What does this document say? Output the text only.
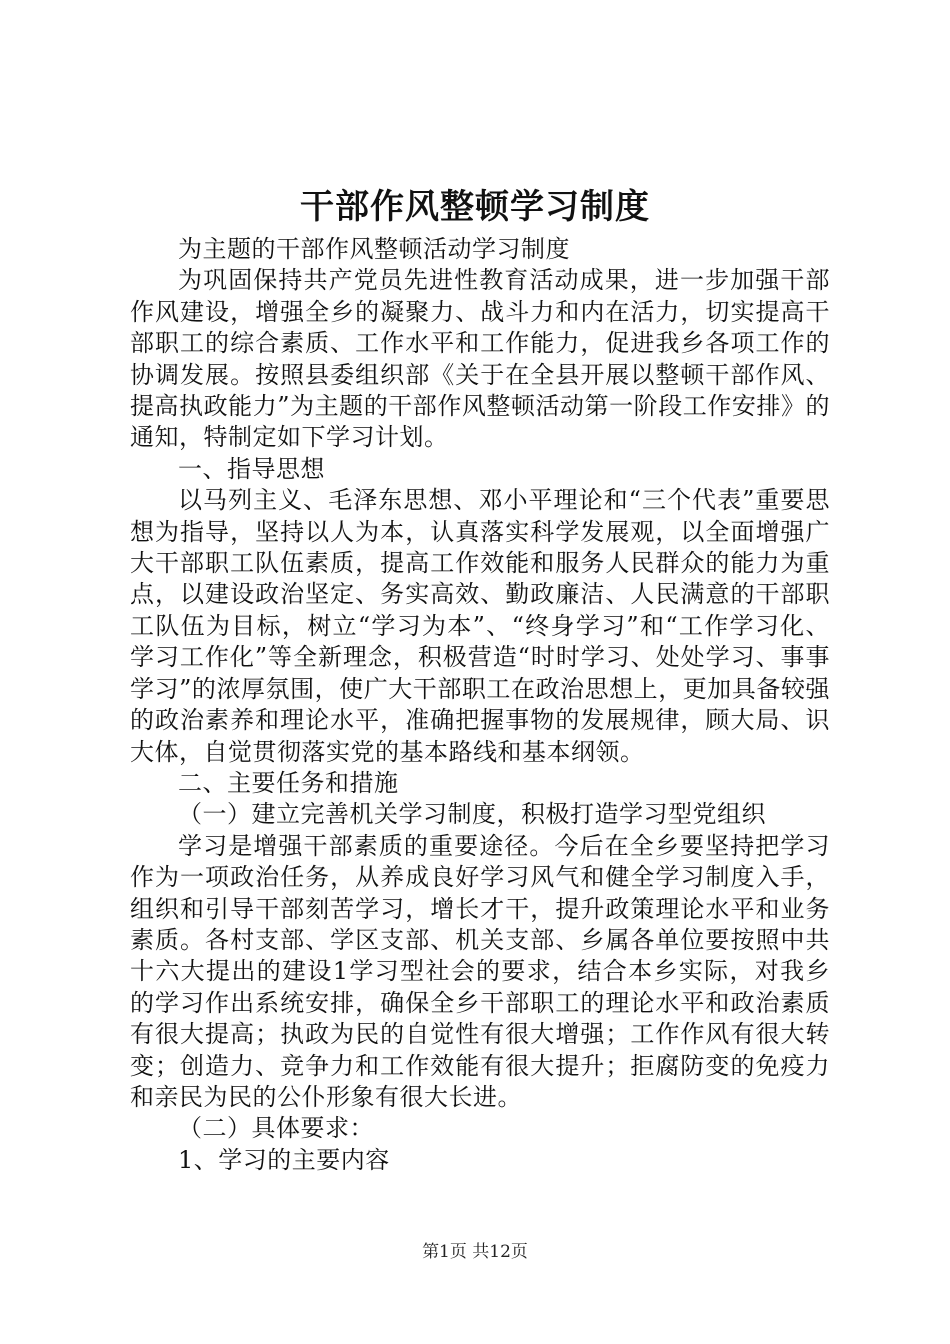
干部作风整顿学习制度

为主题的干部作风整顿活动学习制度

为巩固保持共产党员先进性教育活动成果，进一步加强干部作风建设，增强全乡的凝聚力、战斗力和内在活力，切实提高干部职工的综合素质、工作水平和工作能力，促进我乡各项工作的协调发展。按照县委组织部《关于在全县开展以整顿干部作风、提高执政能力”为主题的干部作风整顿活动第一阶段工作安排》的通知，特制定如下学习计划。

一、指导思想

以马列主义、毛泽东思想、邓小平理论和“三个代表”重要思想为指导，坚持以人为本，认真落实科学发展观，以全面增强广大干部职工队伍素质，提高工作效能和服务人民群众的能力为重点，以建设政治坚定、务实高效、勤政廉洁、人民满意的干部职工队伍为目标，树立“学习为本”、“终身学习”和“工作学习化、学习工作化”等全新理念，积极营造“时时学习、处处学习、事事学习”的浓厚氛围，使广大干部职工在政治思想上，更加具备较强的政治素养和理论水平，准确把握事物的发展规律，顾大局、识大体，自觉贯彻落实党的基本路线和基本纲领。

二、主要任务和措施

（一）建立完善机关学习制度，积极打造学习型党组织

学习是增强干部素质的重要途径。今后在全乡要坚持把学习作为一项政治任务，从养成良好学习风气和健全学习制度入手，组织和引导干部刻苦学习，增长才干，提升政策理论水平和业务素质。各村支部、学区支部、机关支部、乡属各单位要按照中共十六大提出的建设1学习型社会的要求，结合本乡实际，对我乡的学习作出系统安排，确保全乡干部职工的理论水平和政治素质有很大提高；执政为民的自觉性有很大增强；工作作风有很大转变；创造力、竞争力和工作效能有很大提升；拒腐防变的免疫力和亲民为民的公仆形象有很大长进。

（二）具体要求：

1、学习的主要内容

第1页 共12页
